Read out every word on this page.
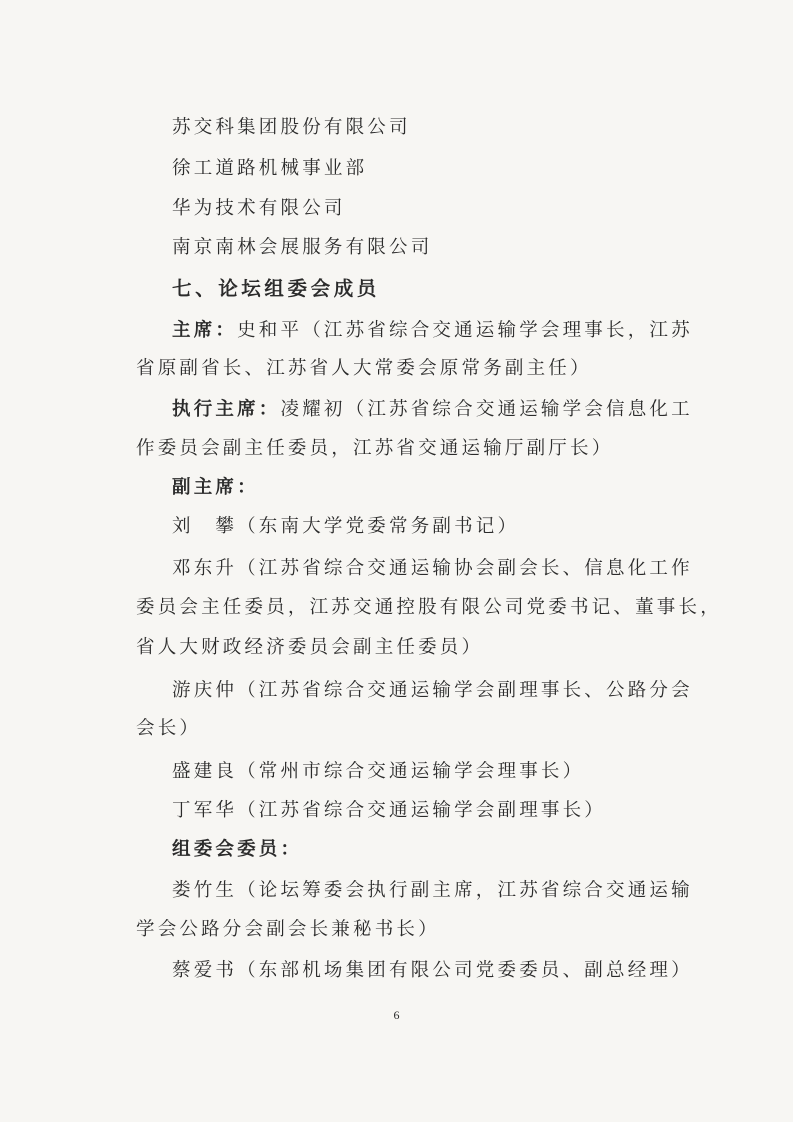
苏交科集团股份有限公司
徐工道路机械事业部
华为技术有限公司
南京南林会展服务有限公司
七、论坛组委会成员
主席：史和平（江苏省综合交通运输学会理事长，江苏
省原副省长、江苏省人大常委会原常务副主任）
执行主席：凌耀初（江苏省综合交通运输学会信息化工
作委员会副主任委员，江苏省交通运输厅副厅长）
副主席：
刘　攀（东南大学党委常务副书记）
邓东升（江苏省综合交通运输协会副会长、信息化工作
委员会主任委员，江苏交通控股有限公司党委书记、董事长，
省人大财政经济委员会副主任委员）
游庆仲（江苏省综合交通运输学会副理事长、公路分会
会长）
盛建良（常州市综合交通运输学会理事长）
丁军华（江苏省综合交通运输学会副理事长）
组委会委员：
娄竹生（论坛筹委会执行副主席，江苏省综合交通运输
学会公路分会副会长兼秘书长）
蔡爱书（东部机场集团有限公司党委委员、副总经理）
6
